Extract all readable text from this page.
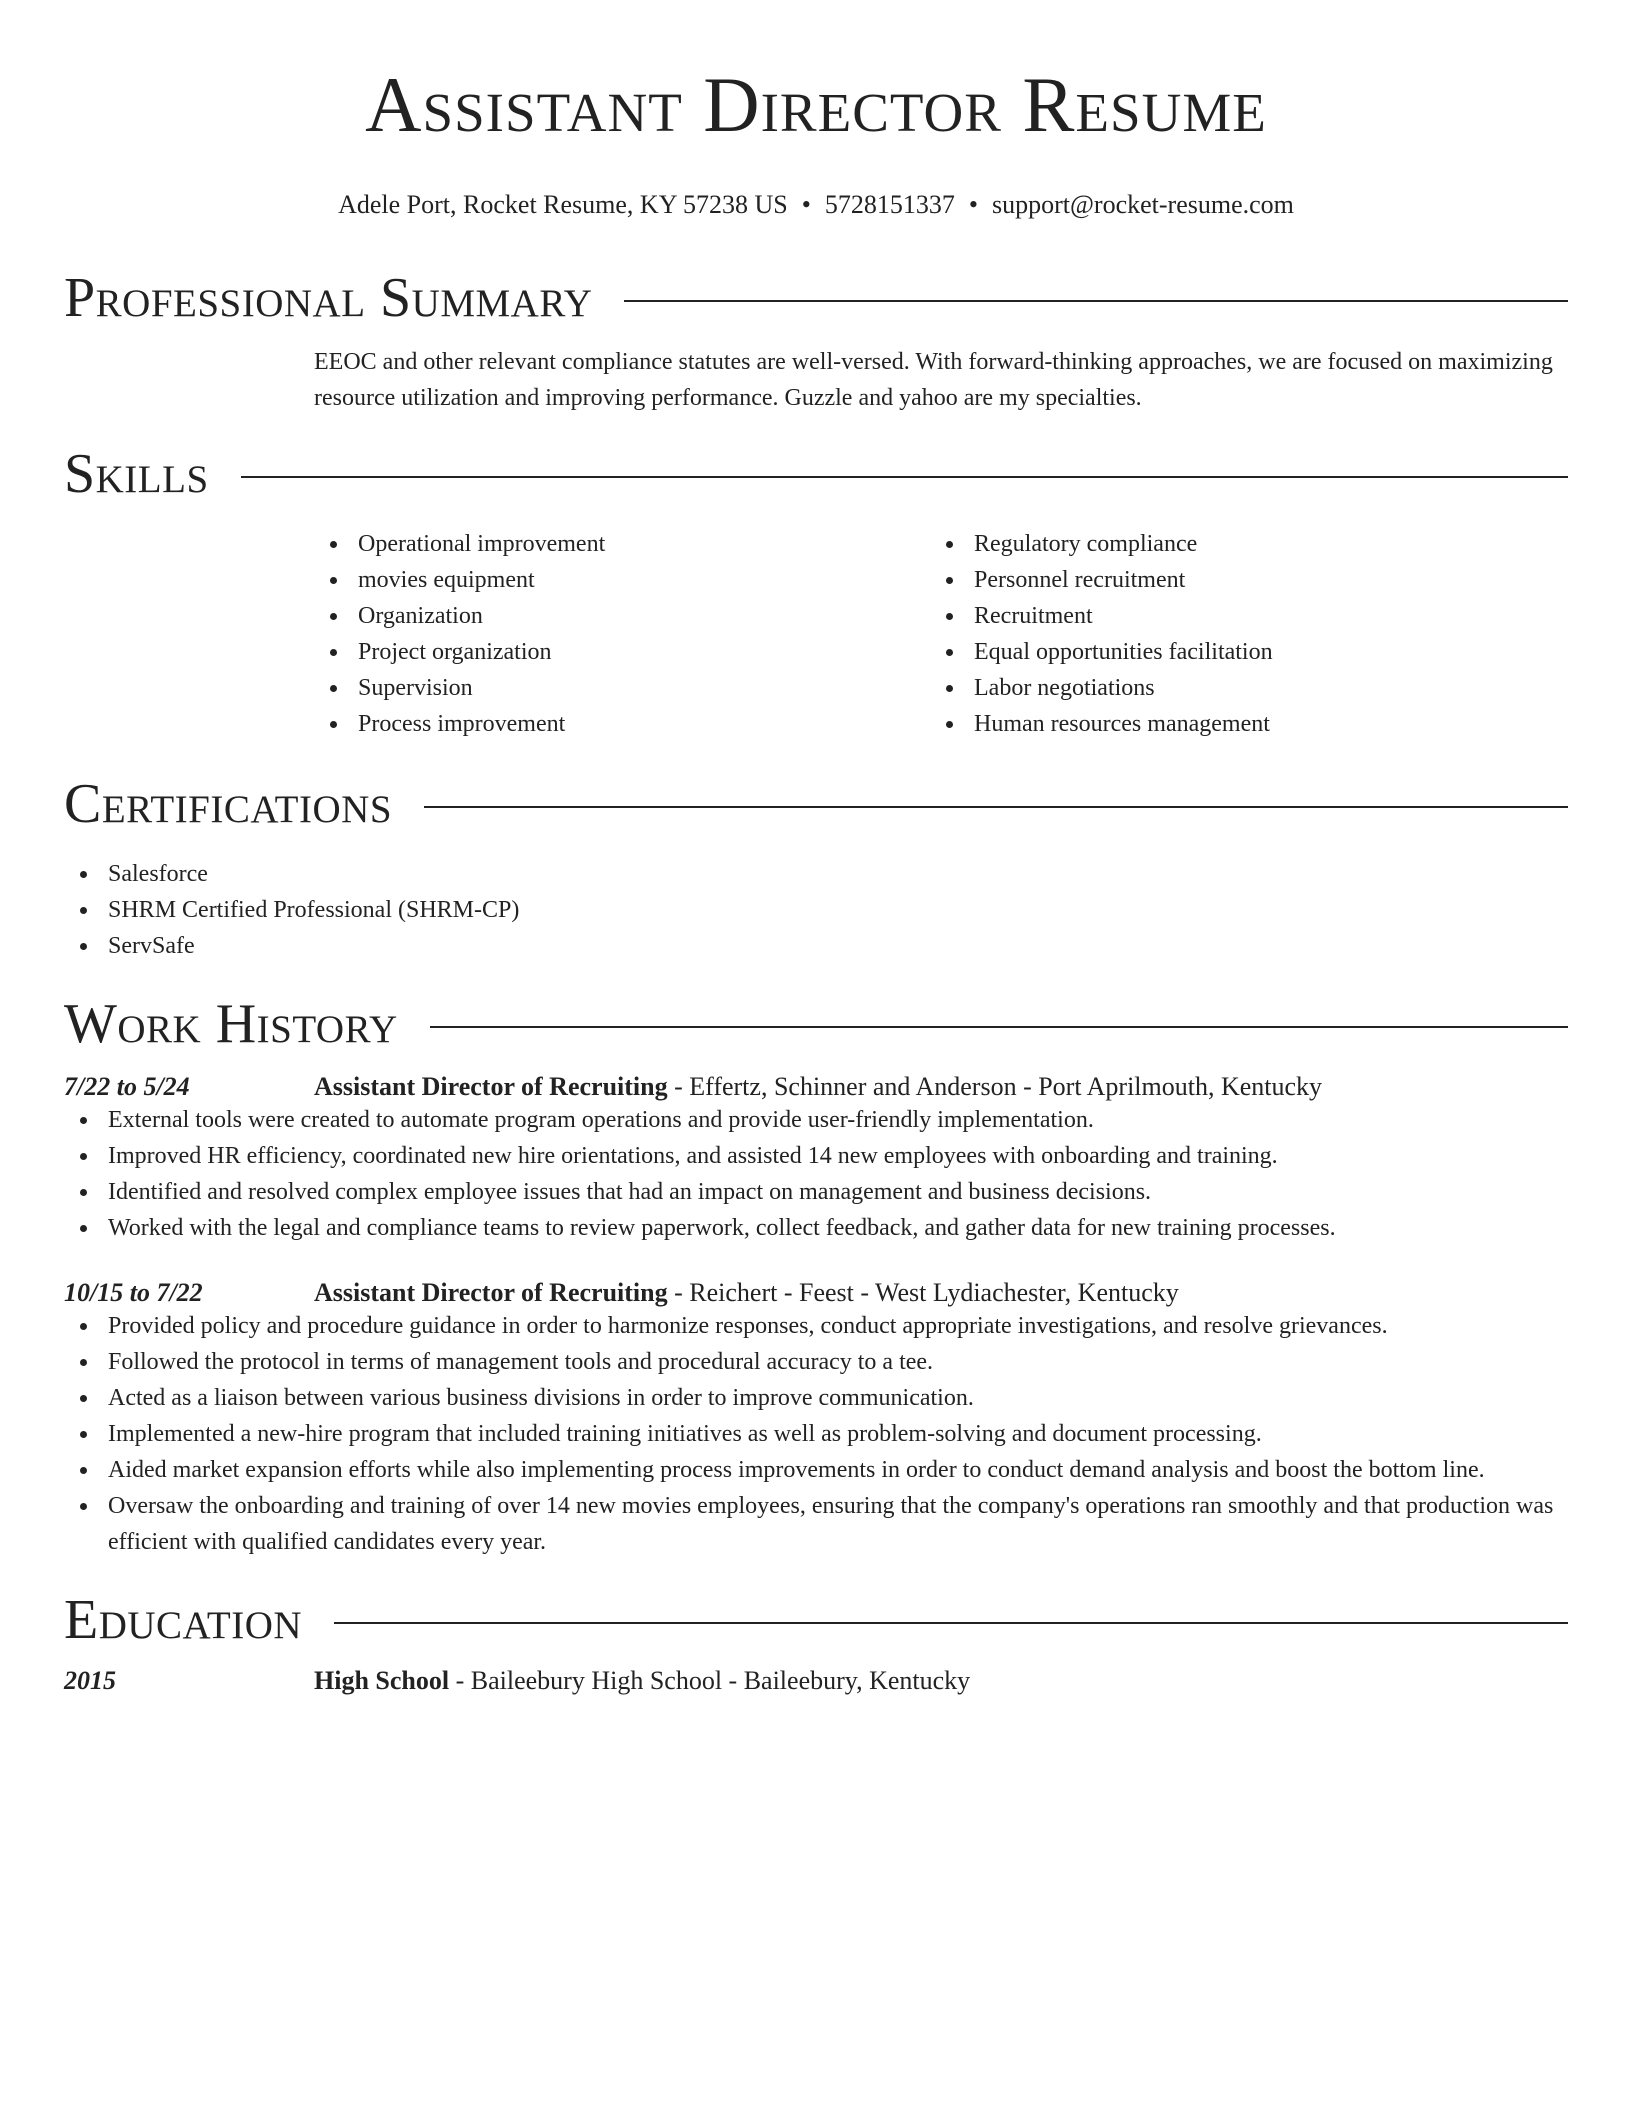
Assistant Director Resume
Adele Port, Rocket Resume, KY 57238 US • 5728151337 • support@rocket-resume.com
Professional Summary
EEOC and other relevant compliance statutes are well-versed. With forward-thinking approaches, we are focused on maximizing resource utilization and improving performance. Guzzle and yahoo are my specialties.
Skills
Operational improvement
movies equipment
Organization
Project organization
Supervision
Process improvement
Regulatory compliance
Personnel recruitment
Recruitment
Equal opportunities facilitation
Labor negotiations
Human resources management
Certifications
Salesforce
SHRM Certified Professional (SHRM-CP)
ServSafe
Work History
7/22 to 5/24	Assistant Director of Recruiting - Effertz, Schinner and Anderson - Port Aprilmouth, Kentucky
External tools were created to automate program operations and provide user-friendly implementation.
Improved HR efficiency, coordinated new hire orientations, and assisted 14 new employees with onboarding and training.
Identified and resolved complex employee issues that had an impact on management and business decisions.
Worked with the legal and compliance teams to review paperwork, collect feedback, and gather data for new training processes.
10/15 to 7/22	Assistant Director of Recruiting - Reichert - Feest - West Lydiachester, Kentucky
Provided policy and procedure guidance in order to harmonize responses, conduct appropriate investigations, and resolve grievances.
Followed the protocol in terms of management tools and procedural accuracy to a tee.
Acted as a liaison between various business divisions in order to improve communication.
Implemented a new-hire program that included training initiatives as well as problem-solving and document processing.
Aided market expansion efforts while also implementing process improvements in order to conduct demand analysis and boost the bottom line.
Oversaw the onboarding and training of over 14 new movies employees, ensuring that the company's operations ran smoothly and that production was efficient with qualified candidates every year.
Education
2015	High School - Baileebury High School - Baileebury, Kentucky
